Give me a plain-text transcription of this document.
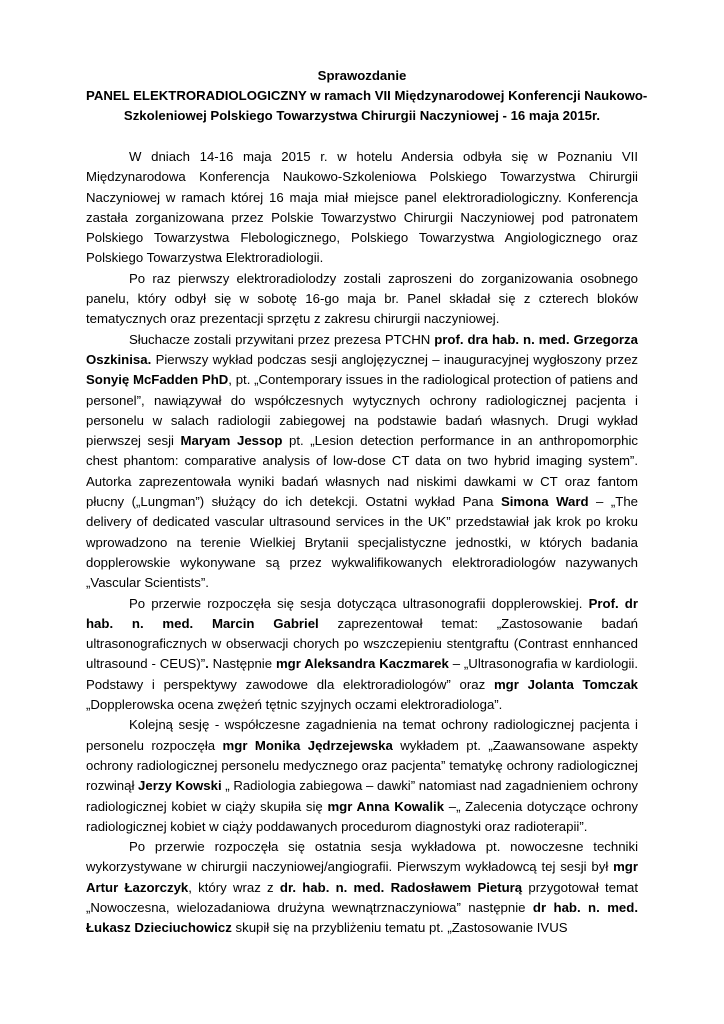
Sprawozdanie
PANEL ELEKTRORADIOLOGICZNY w ramach VII Międzynarodowej Konferencji Naukowo-
Szkoleniowej Polskiego Towarzystwa Chirurgii Naczyniowej - 16 maja 2015r.

W dniach 14-16 maja 2015 r. w hotelu Andersia odbyła się w Poznaniu VII Międzynarodowa Konferencja Naukowo-Szkoleniowa Polskiego Towarzystwa Chirurgii Naczyniowej w ramach której 16 maja miał miejsce panel elektroradiologiczny. Konferencja zastała zorganizowana przez Polskie Towarzystwo Chirurgii Naczyniowej pod patronatem Polskiego Towarzystwa Flebologicznego, Polskiego Towarzystwa Angiologicznego oraz Polskiego Towarzystwa Elektroradiologii.

Po raz pierwszy elektroradiolodzy zostali zaproszeni do zorganizowania osobnego panelu, który odbył się w sobotę 16-go maja br. Panel składał się z czterech bloków tematycznych oraz prezentacji sprzętu z zakresu chirurgii naczyniowej.

Słuchacze zostali przywitani przez prezesa PTCHN prof. dra hab. n. med. Grzegorza Oszkinisa. Pierwszy wykład podczas sesji anglojęzycznej – inauguracyjnej wygłoszony przez Sonyię McFadden PhD, pt. „Contemporary issues in the radiological protection of patiens and personel”, nawiązywał do współczesnych wytycznych ochrony radiologicznej pacjenta i personelu w salach radiologii zabiegowej na podstawie badań własnych. Drugi wykład pierwszej sesji Maryam Jessop pt. „Lesion detection performance in an anthropomorphic chest phantom: comparative analysis of low-dose CT data on two hybrid imaging system”. Autorka zaprezentowała wyniki badań własnych nad niskimi dawkami w CT oraz fantom płucny („Lungman”) służący do ich detekcji. Ostatni wykład Pana Simona Ward – „The delivery of dedicated vascular ultrasound services in the UK” przedstawiał jak krok po kroku wprowadzono na terenie Wielkiej Brytanii specjalistyczne jednostki, w których badania dopplerowskie wykonywane są przez wykwalifikowanych elektroradiologów nazywanych „Vascular Scientists”.

Po przerwie rozpoczęła się sesja dotycząca ultrasonografii dopplerowskiej. Prof. dr hab. n. med. Marcin Gabriel zaprezentował temat: „Zastosowanie badań ultrasonograficznych w obserwacji chorych po wszczepieniu stentgraftu (Contrast ennhanced ultrasound - CEUS)”. Następnie mgr Aleksandra Kaczmarek – „Ultrasonografia w kardiologii. Podstawy i perspektywy zawodowe dla elektroradiologów” oraz mgr Jolanta Tomczak „Dopplerowska ocena zwężeń tętnic szyjnych oczami elektroradiologa”.

Kolejną sesję - współczesne zagadnienia na temat ochrony radiologicznej pacjenta i personelu rozpoczęła mgr Monika Jędrzejewska wykładem pt. „Zaawansowane aspekty ochrony radiologicznej personelu medycznego oraz pacjenta” tematykę ochrony radiologicznej rozwinął Jerzy Kowski „ Radiologia zabiegowa – dawki” natomiast nad zagadnieniem ochrony radiologicznej kobiet w ciąży skupiła się mgr Anna Kowalik –„ Zalecenia dotyczące ochrony radiologicznej kobiet w ciąży poddawanych procedurom diagnostyki oraz radioterapii”.

Po przerwie rozpoczęła się ostatnia sesja wykładowa pt. nowoczesne techniki wykorzystywane w chirurgii naczyniowej/angiografii. Pierwszym wykładowcą tej sesji był mgr Artur Łazorczyk, który wraz z dr. hab. n. med. Radosławem Pieturą przygotował temat „Nowoczesna, wielozadaniowa drużyna wewnątrznaczyniowa” następnie dr hab. n. med. Łukasz Dzieciuchowicz skupił się na przybliżeniu tematu pt. „Zastosowanie IVUS
